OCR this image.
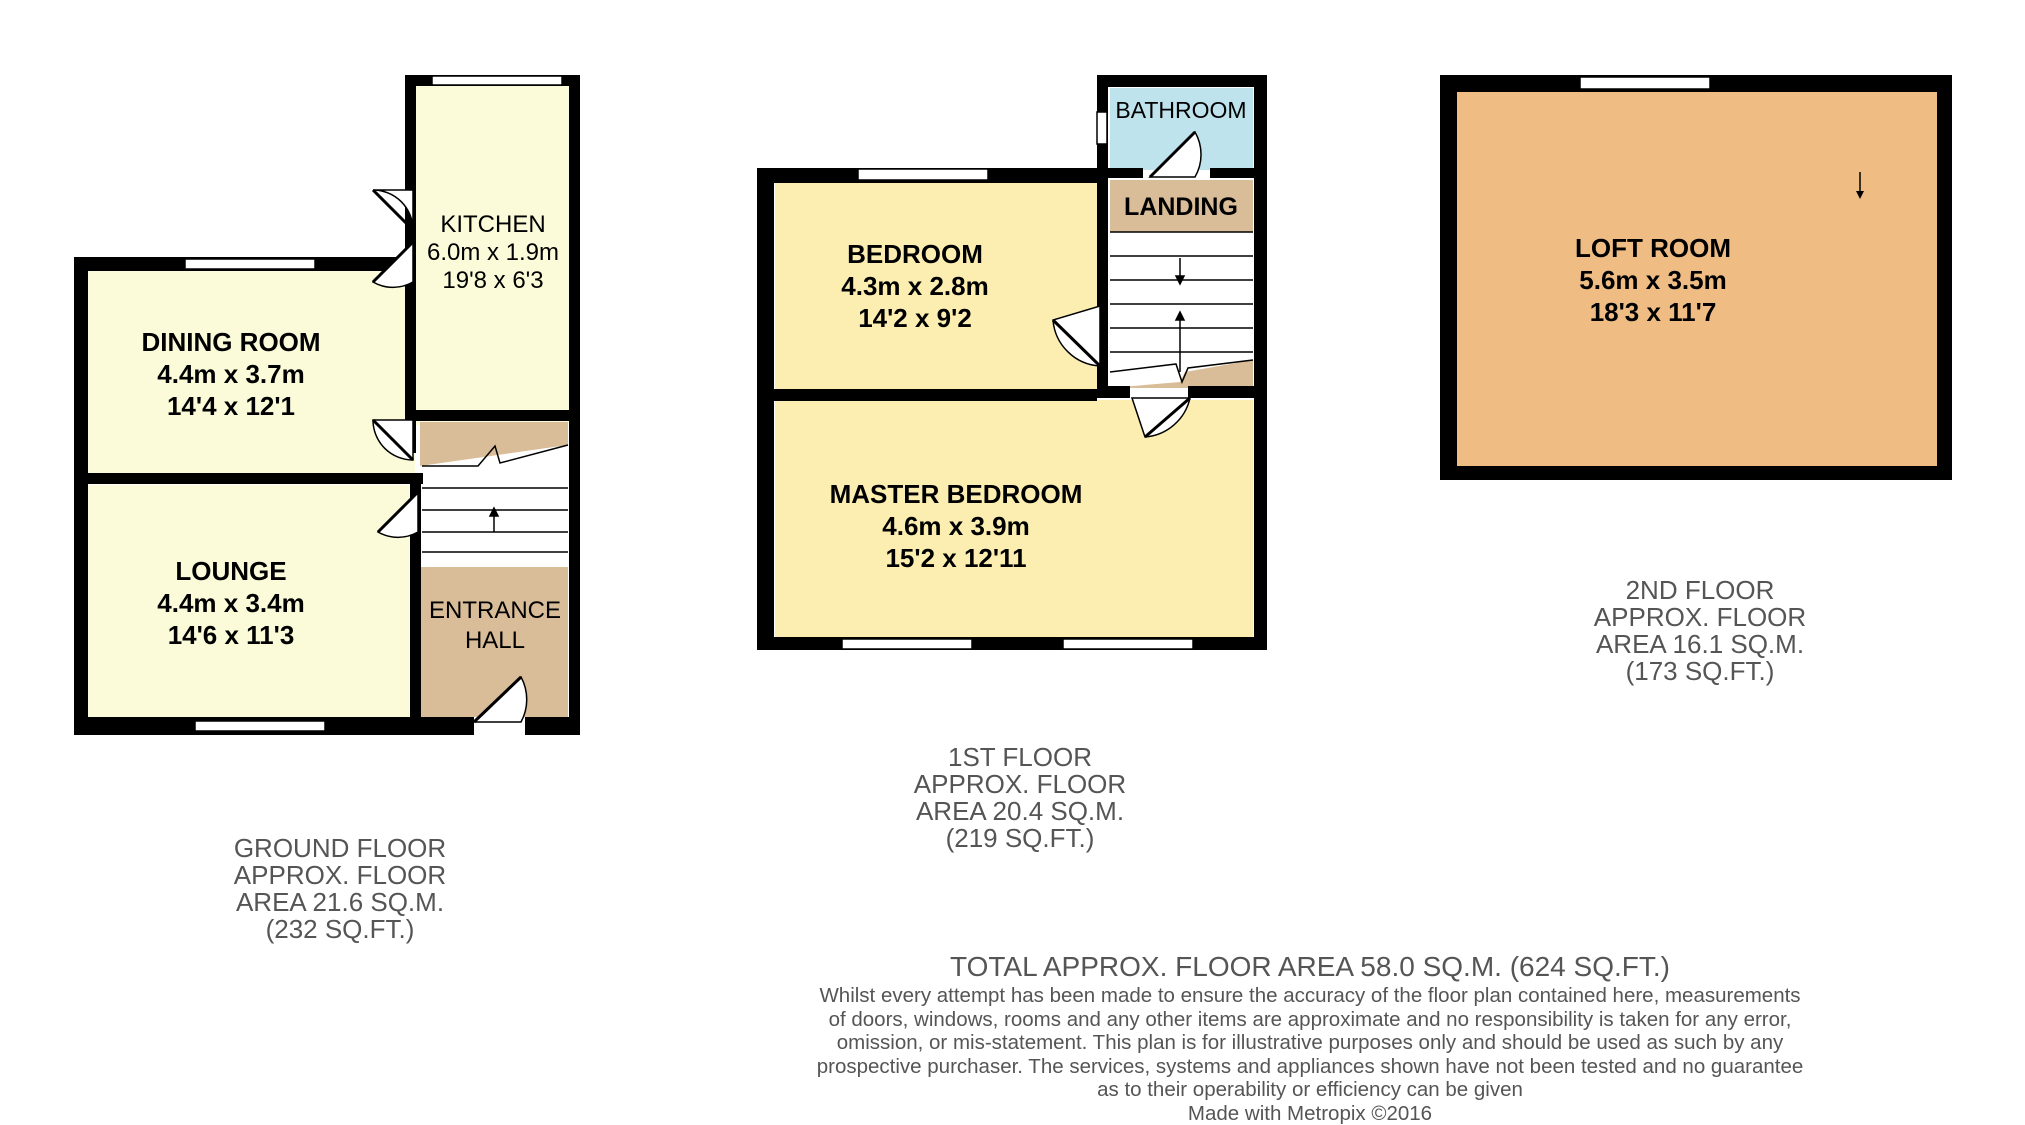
KITCHEN
6.0m x 1.9m
19'8 x 6'3
DINING ROOM
4.4m x 3.7m
14'4 x 12'1
LOUNGE
4.4m x 3.4m
14'6 x 11'3
ENTRANCE
HALL
BATHROOM
LANDING
BEDROOM
4.3m x 2.8m
14'2 x 9'2
MASTER BEDROOM
4.6m x 3.9m
15'2 x 12'11
LOFT ROOM
5.6m x 3.5m
18'3 x 11'7
GROUND FLOOR
APPROX. FLOOR
AREA 21.6 SQ.M.
(232 SQ.FT.)
1ST FLOOR
APPROX. FLOOR
AREA 20.4 SQ.M.
(219 SQ.FT.)
2ND FLOOR
APPROX. FLOOR
AREA 16.1 SQ.M.
(173 SQ.FT.)
TOTAL APPROX. FLOOR AREA 58.0 SQ.M. (624 SQ.FT.)
Whilst every attempt has been made to ensure the accuracy of the floor plan contained here, measurements
of doors, windows, rooms and any other items are approximate and no responsibility is taken for any error,
omission, or mis-statement. This plan is for illustrative purposes only and should be used as such by any
prospective purchaser. The services, systems and appliances shown have not been tested and no guarantee
as to their operability or efficiency can be given
Made with Metropix ©2016
